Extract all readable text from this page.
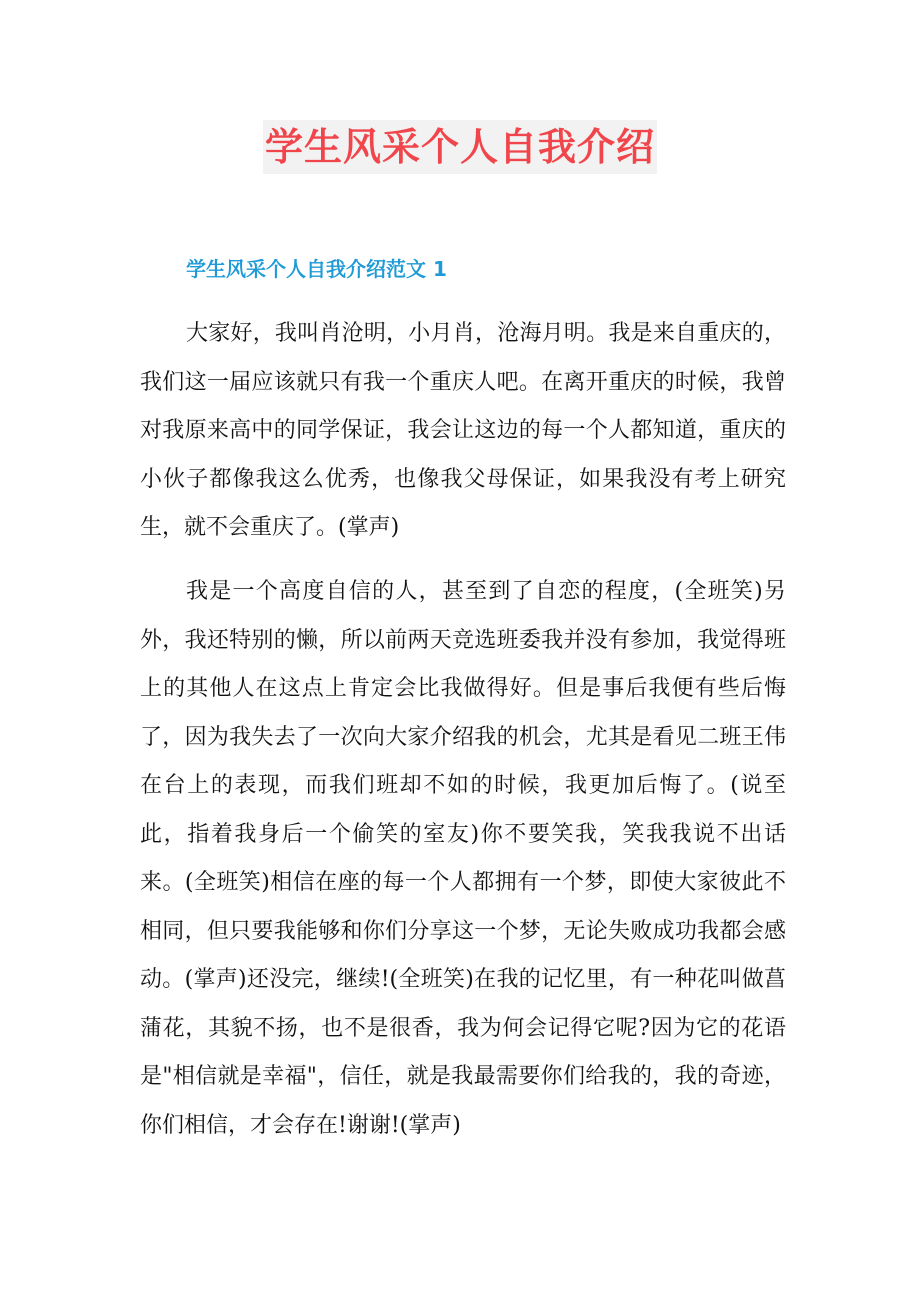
学生风采个人自我介绍
学生风采个人自我介绍范文 1

大家好，我叫肖沧明，小月肖，沧海月明。我是来自重庆的，我们这一届应该就只有我一个重庆人吧。在离开重庆的时候，我曾对我原来高中的同学保证，我会让这边的每一个人都知道，重庆的小伙子都像我这么优秀，也像我父母保证，如果我没有考上研究生，就不会重庆了。(掌声)

我是一个高度自信的人，甚至到了自恋的程度，(全班笑)另外，我还特别的懒，所以前两天竞选班委我并没有参加，我觉得班上的其他人在这点上肯定会比我做得好。但是事后我便有些后悔了，因为我失去了一次向大家介绍我的机会，尤其是看见二班王伟在台上的表现，而我们班却不如的时候，我更加后悔了。(说至此，指着我身后一个偷笑的室友)你不要笑我，笑我我说不出话来。(全班笑)相信在座的每一个人都拥有一个梦，即使大家彼此不相同，但只要我能够和你们分享这一个梦，无论失败成功我都会感动。(掌声)还没完，继续!(全班笑)在我的记忆里，有一种花叫做菖蒲花，其貌不扬，也不是很香，我为何会记得它呢?因为它的花语是"相信就是幸福"，信任，就是我最需要你们给我的，我的奇迹，你们相信，才会存在!谢谢!(掌声)
